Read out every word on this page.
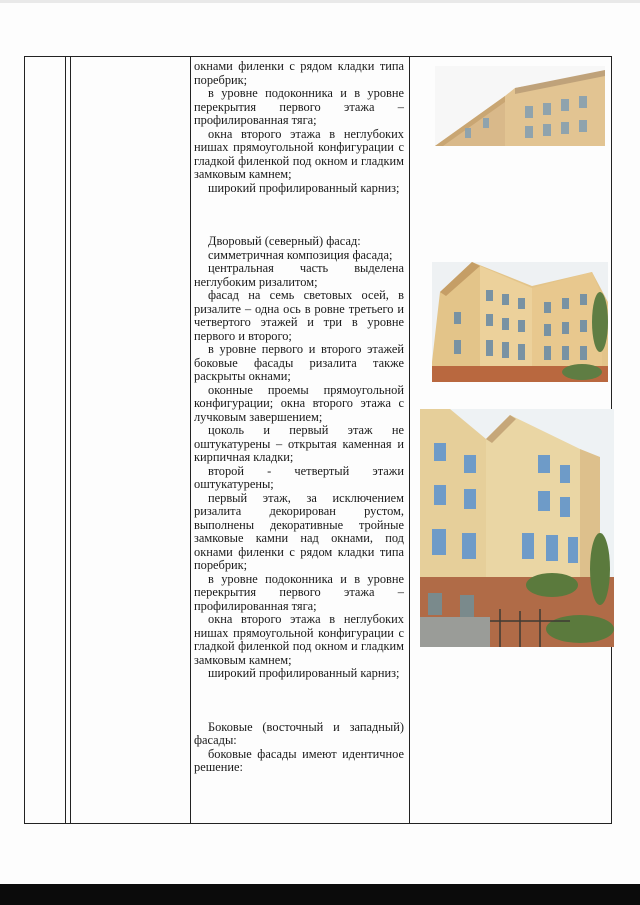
окнами филенки с рядом кладки типа поребрик;

в уровне подоконника и в уровне перекрытия первого этажа – профилированная тяга;

окна второго этажа в неглубоких нишах прямоугольной конфигурации с гладкой филенкой под окном и гладким замковым камнем;

широкий профилированный карниз;

Дворовый (северный) фасад:

симметричная композиция фасада;

центральная часть выделена неглубоким ризалитом;

фасад на семь световых осей, в ризалите – одна ось в ровне третьего и четвертого этажей и три в уровне первого и второго;

в уровне первого и второго этажей боковые фасады ризалита также раскрыты окнами;

оконные проемы прямоугольной конфигурации; окна второго этажа с лучковым завершением;

цоколь и первый этаж не оштукатурены – открытая каменная и кирпичная кладки;

второй - четвертый этажи оштукатурены;

первый этаж, за исключением ризалита декорирован рустом, выполнены декоративные тройные замковые камни над окнами, под окнами филенки с рядом кладки типа поребрик;

в уровне подоконника и в уровне перекрытия первого этажа – профилированная тяга;

окна второго этажа в неглубоких нишах прямоугольной конфигурации с гладкой филенкой под окном и гладким замковым камнем;

широкий профилированный карниз;

Боковые (восточный и западный) фасады:

боковые фасады имеют идентичное решение:
